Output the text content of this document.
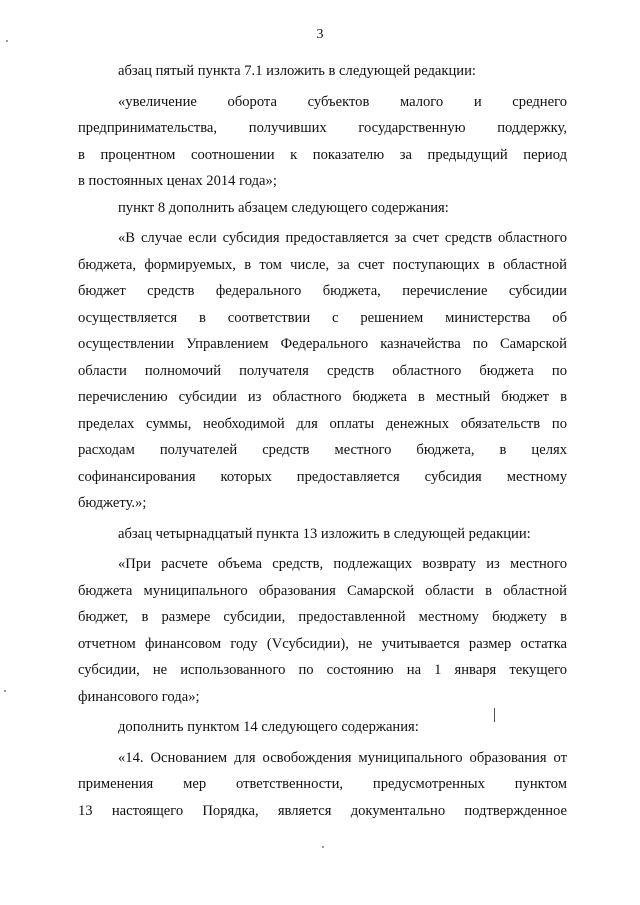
3

абзац пятый пункта 7.1 изложить в следующей редакции:

«увеличение оборота субъектов малого и среднего
предпринимательства, получивших государственную поддержку,
в процентном соотношении к показателю за предыдущий период
в постоянных ценах 2014 года»;

пункт 8 дополнить абзацем следующего содержания:

«В случае если субсидия предоставляется за счет средств областного
бюджета, формируемых, в том числе, за счет поступающих в областной
бюджет средств федерального бюджета, перечисление субсидии
осуществляется в соответствии с решением министерства об
осуществлении Управлением Федерального казначейства по Самарской
области полномочий получателя средств областного бюджета по
перечислению субсидии из областного бюджета в местный бюджет в
пределах суммы, необходимой для оплаты денежных обязательств по
расходам получателей средств местного бюджета, в целях
софинансирования которых предоставляется субсидия местному
бюджету.»;

абзац четырнадцатый пункта 13 изложить в следующей редакции:

«При расчете объема средств, подлежащих возврату из местного
бюджета муниципального образования Самарской области в областной
бюджет, в размере субсидии, предоставленной местному бюджету в
отчетном финансовом году (Vсубсидии), не учитывается размер остатка
субсидии, не использованного по состоянию на 1 января текущего
финансового года»;

дополнить пунктом 14 следующего содержания:

«14. Основанием для освобождения муниципального образования от
применения мер ответственности, предусмотренных пунктом
13 настоящего Порядка, является документально подтвержденное
